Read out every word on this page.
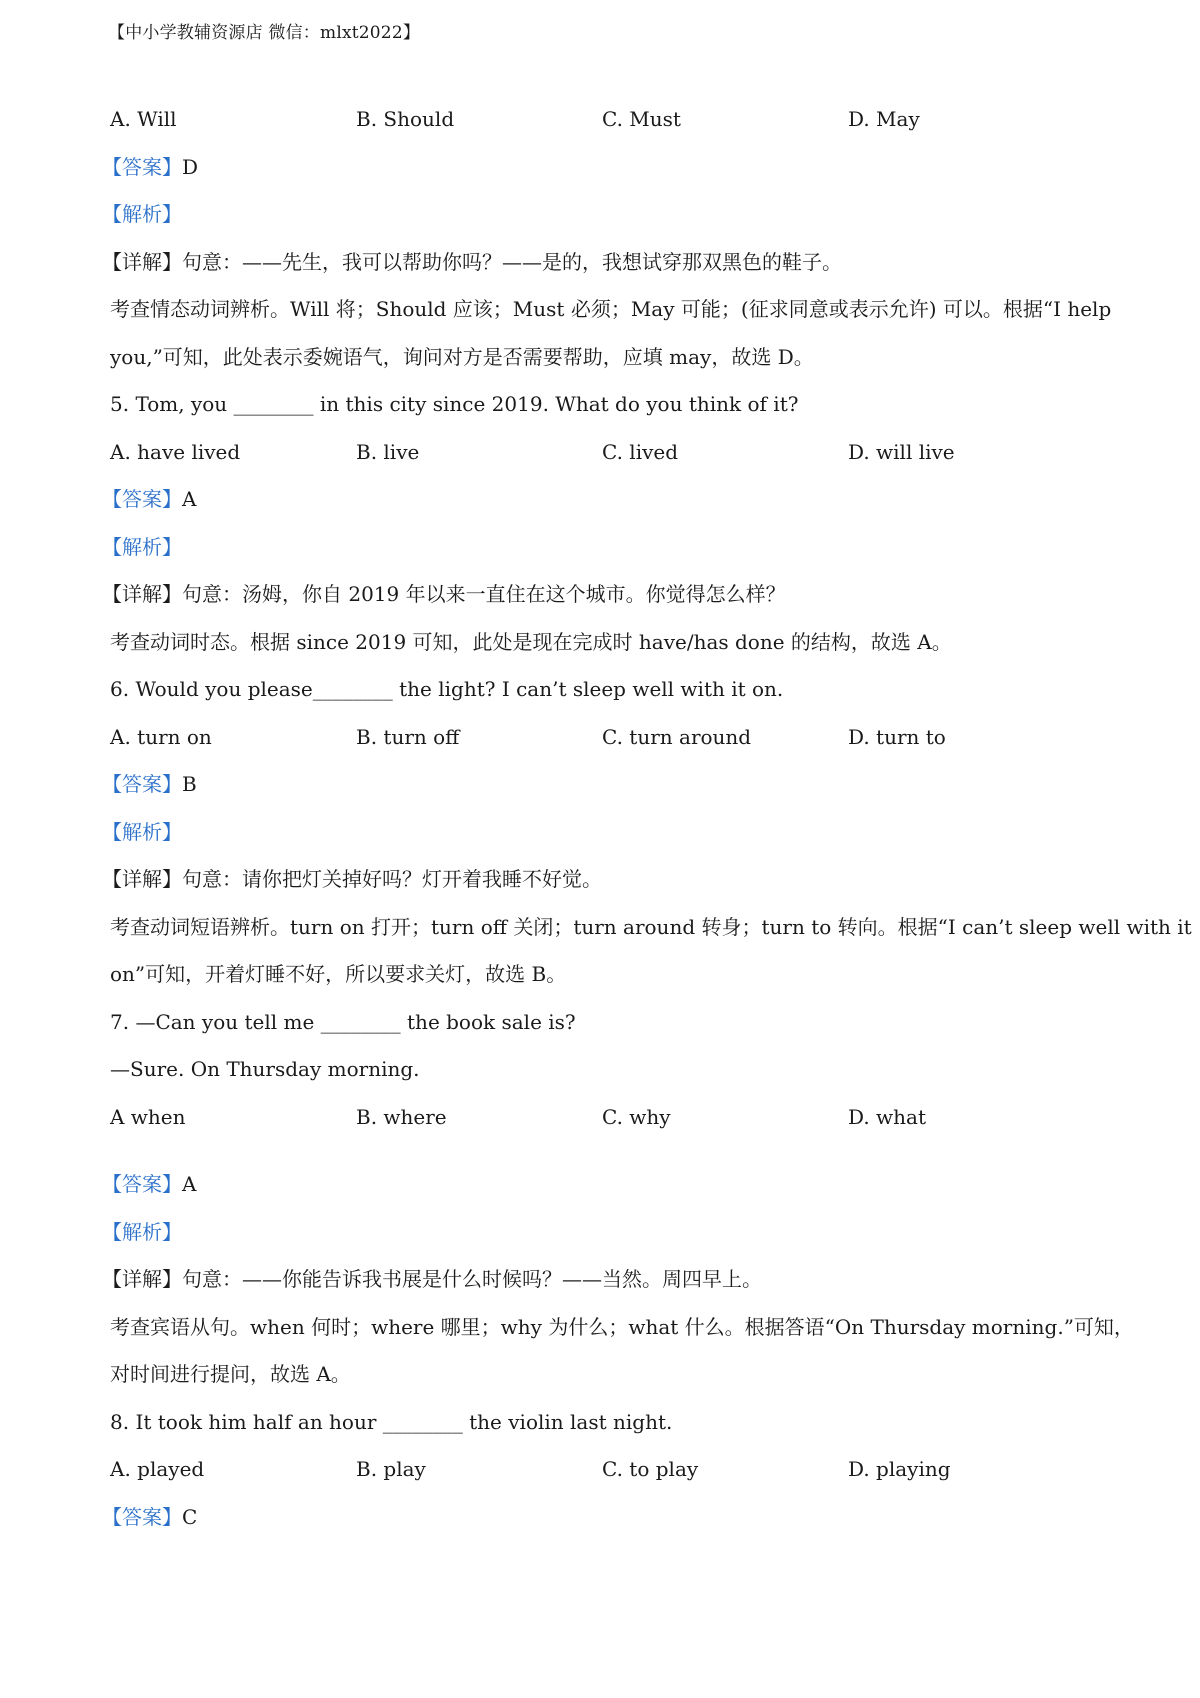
【中小学教辅资源店 微信：mlxt2022】
A. Will	B. Should	C. Must	D. May
【答案】D
【解析】
【详解】句意：——先生，我可以帮助你吗？——是的，我想试穿那双黑色的鞋子。
考查情态动词辨析。Will 将；Should 应该；Must 必须；May 可能；(征求同意或表示允许) 可以。根据“I help
you,”可知，此处表示委婉语气，询问对方是否需要帮助，应填 may，故选 D。
5. Tom, you ________ in this city since 2019. What do you think of it?
A. have lived	B. live	C. lived	D. will live
【答案】A
【解析】
【详解】句意：汤姆，你自 2019 年以来一直住在这个城市。你觉得怎么样？
考查动词时态。根据 since 2019 可知，此处是现在完成时 have/has done 的结构，故选 A。
6. Would you please________ the light? I can’t sleep well with it on.
A. turn on	B. turn off	C. turn around	D. turn to
【答案】B
【解析】
【详解】句意：请你把灯关掉好吗？灯开着我睡不好觉。
考查动词短语辨析。turn on 打开；turn off 关闭；turn around 转身；turn to 转向。根据“I can’t sleep well with it
on”可知，开着灯睡不好，所以要求关灯，故选 B。
7. —Can you tell me ________ the book sale is?
—Sure. On Thursday morning.
A when	B. where	C. why	D. what
【答案】A
【解析】
【详解】句意：——你能告诉我书展是什么时候吗？——当然。周四早上。
考查宾语从句。when 何时；where 哪里；why 为什么；what 什么。根据答语“On Thursday morning.”可知，
对时间进行提问，故选 A。
8. It took him half an hour ________ the violin last night.
A. played	B. play	C. to play	D. playing
【答案】C
